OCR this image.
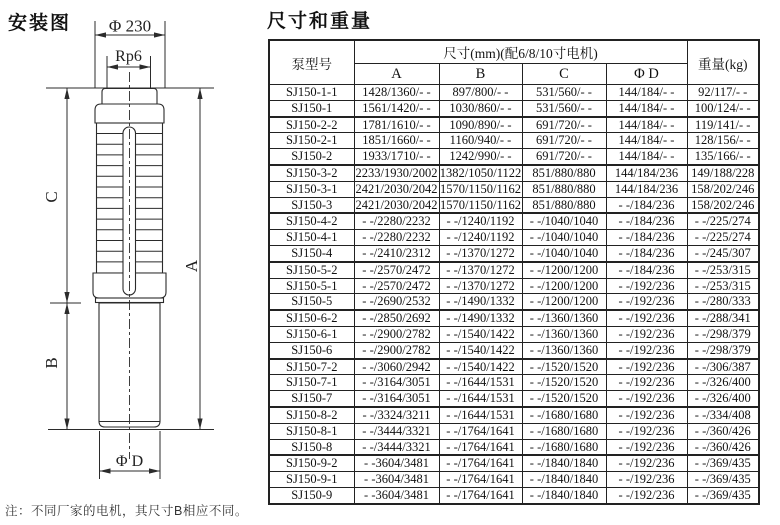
安装图	尺寸和重量
Φ 230
Rp6
C
B
A
Φ D
注：不同厂家的电机，其尺寸B相应不同。
泵型号	尺寸(mm)(配6/8/10寸电机)				重量(kg)
	A	B	C	Φ D	
SJ150-1-1	1428/1360/- -	897/800/- -	531/560/- -	144/184/- -	92/117/- -
SJ150-1	1561/1420/- -	1030/860/- -	531/560/- -	144/184/- -	100/124/- -
SJ150-2-2	1781/1610/- -	1090/890/- -	691/720/- -	144/184/- -	119/141/- -
SJ150-2-1	1851/1660/- -	1160/940/- -	691/720/- -	144/184/- -	128/156/- -
SJ150-2	1933/1710/- -	1242/990/- -	691/720/- -	144/184/- -	135/166/- -
SJ150-3-2	2233/1930/2002	1382/1050/1122	851/880/880	144/184/236	149/188/228
SJ150-3-1	2421/2030/2042	1570/1150/1162	851/880/880	144/184/236	158/202/246
SJ150-3	2421/2030/2042	1570/1150/1162	851/880/880	- -/184/236	158/202/246
SJ150-4-2	- -/2280/2232	- -/1240/1192	- -/1040/1040	- -/184/236	- -/225/274
SJ150-4-1	- -/2280/2232	- -/1240/1192	- -/1040/1040	- -/184/236	- -/225/274
SJ150-4	- -/2410/2312	- -/1370/1272	- -/1040/1040	- -/184/236	- -/245/307
SJ150-5-2	- -/2570/2472	- -/1370/1272	- -/1200/1200	- -/184/236	- -/253/315
SJ150-5-1	- -/2570/2472	- -/1370/1272	- -/1200/1200	- -/192/236	- -/253/315
SJ150-5	- -/2690/2532	- -/1490/1332	- -/1200/1200	- -/192/236	- -/280/333
SJ150-6-2	- -/2850/2692	- -/1490/1332	- -/1360/1360	- -/192/236	- -/288/341
SJ150-6-1	- -/2900/2782	- -/1540/1422	- -/1360/1360	- -/192/236	- -/298/379
SJ150-6	- -/2900/2782	- -/1540/1422	- -/1360/1360	- -/192/236	- -/298/379
SJ150-7-2	- -/3060/2942	- -/1540/1422	- -/1520/1520	- -/192/236	- -/306/387
SJ150-7-1	- -/3164/3051	- -/1644/1531	- -/1520/1520	- -/192/236	- -/326/400
SJ150-7	- -/3164/3051	- -/1644/1531	- -/1520/1520	- -/192/236	- -/326/400
SJ150-8-2	- -/3324/3211	- -/1644/1531	- -/1680/1680	- -/192/236	- -/334/408
SJ150-8-1	- -/3444/3321	- -/1764/1641	- -/1680/1680	- -/192/236	- -/360/426
SJ150-8	- -/3444/3321	- -/1764/1641	- -/1680/1680	- -/192/236	- -/360/426
SJ150-9-2	- -3604/3481	- -/1764/1641	- -/1840/1840	- -/192/236	- -/369/435
SJ150-9-1	- -3604/3481	- -/1764/1641	- -/1840/1840	- -/192/236	- -/369/435
SJ150-9	- -3604/3481	- -/1764/1641	- -/1840/1840	- -/192/236	- -/369/435
